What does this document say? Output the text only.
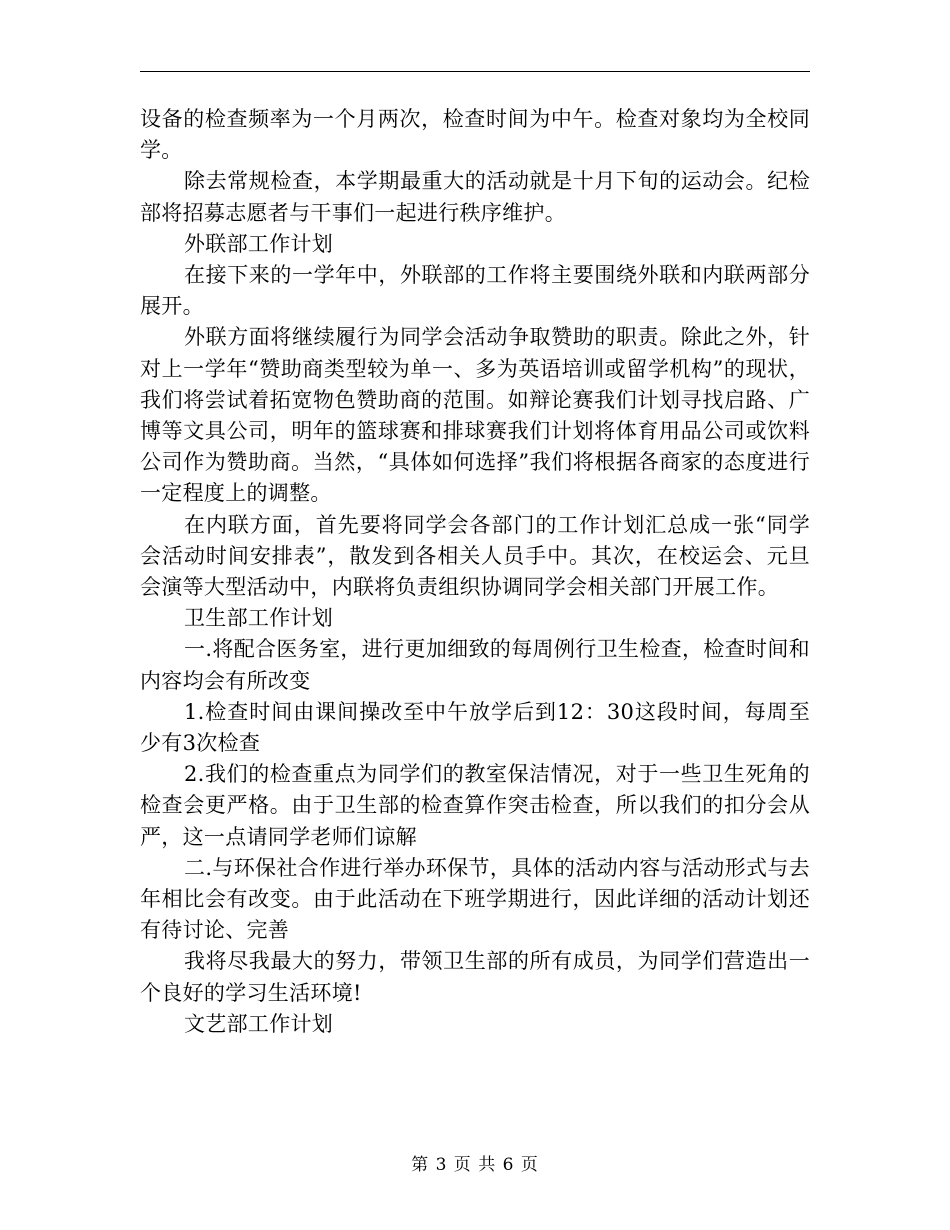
设备的检查频率为一个月两次，检查时间为中午。检查对象均为全校同学。

除去常规检查，本学期最重大的活动就是十月下旬的运动会。纪检部将招募志愿者与干事们一起进行秩序维护。

外联部工作计划

在接下来的一学年中，外联部的工作将主要围绕外联和内联两部分展开。

外联方面将继续履行为同学会活动争取赞助的职责。除此之外，针对上一学年“赞助商类型较为单一、多为英语培训或留学机构”的现状，我们将尝试着拓宽物色赞助商的范围。如辩论赛我们计划寻找启路、广博等文具公司，明年的篮球赛和排球赛我们计划将体育用品公司或饮料公司作为赞助商。当然，“具体如何选择”我们将根据各商家的态度进行一定程度上的调整。

在内联方面，首先要将同学会各部门的工作计划汇总成一张“同学会活动时间安排表”，散发到各相关人员手中。其次，在校运会、元旦会演等大型活动中，内联将负责组织协调同学会相关部门开展工作。

卫生部工作计划

一.将配合医务室，进行更加细致的每周例行卫生检查，检查时间和内容均会有所改变

1.检查时间由课间操改至中午放学后到12：30这段时间，每周至少有3次检查

2.我们的检查重点为同学们的教室保洁情况，对于一些卫生死角的检查会更严格。由于卫生部的检查算作突击检查，所以我们的扣分会从严，这一点请同学老师们谅解

二.与环保社合作进行举办环保节，具体的活动内容与活动形式与去年相比会有改变。由于此活动在下班学期进行，因此详细的活动计划还有待讨论、完善

我将尽我最大的努力，带领卫生部的所有成员，为同学们营造出一个良好的学习生活环境!

文艺部工作计划

第 3 页 共 6 页
